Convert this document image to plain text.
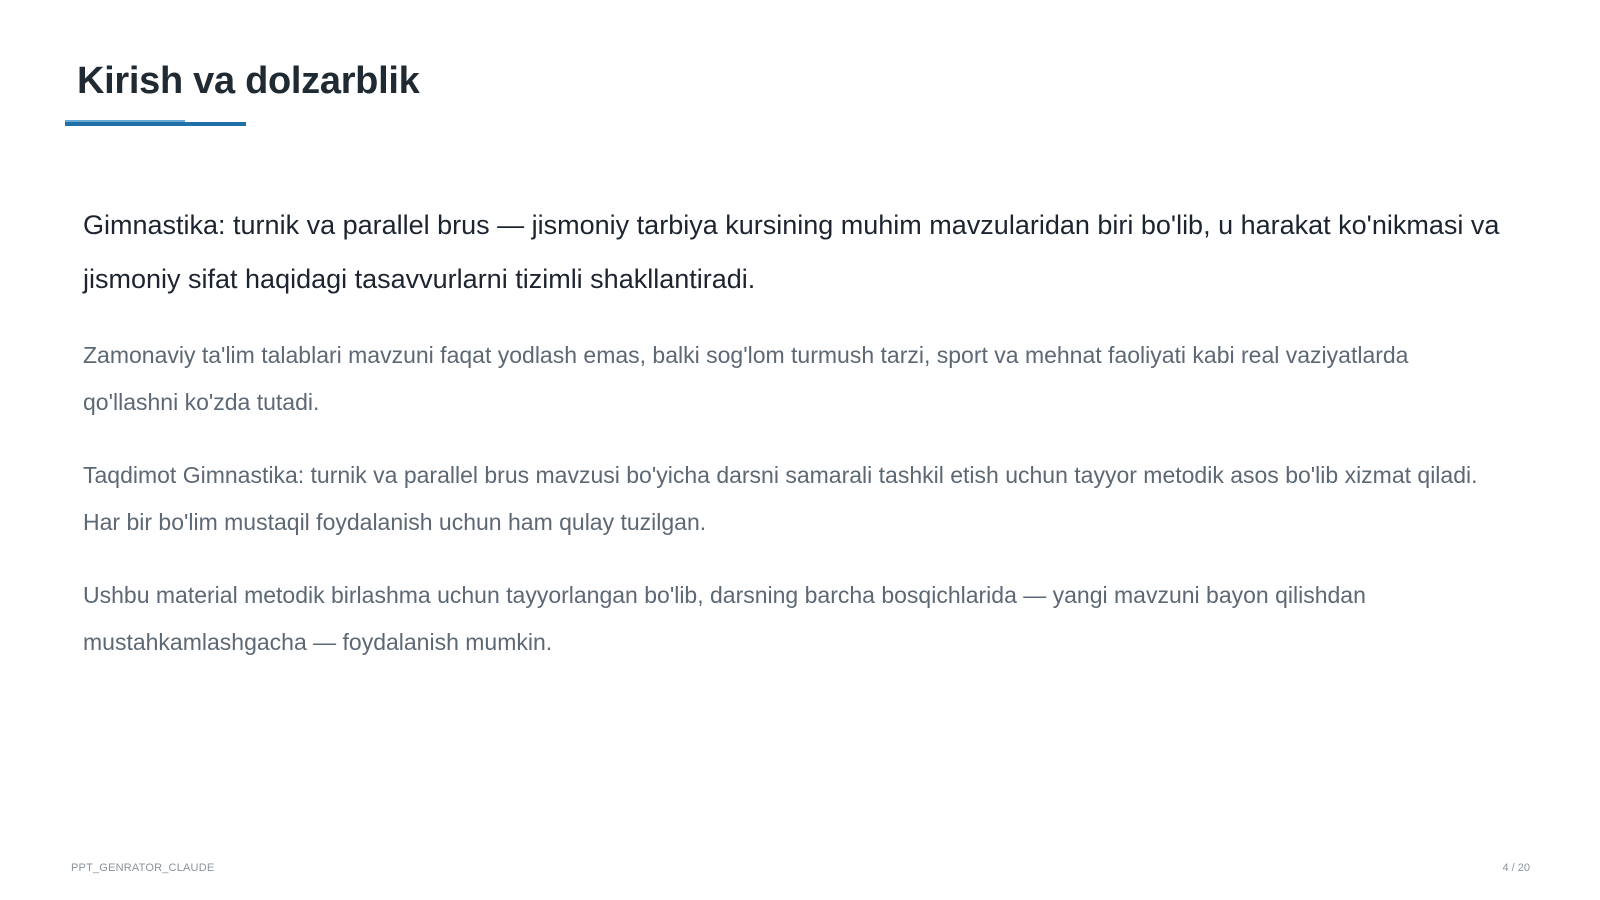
Kirish va dolzarblik

Gimnastika: turnik va parallel brus — jismoniy tarbiya kursining muhim mavzularidan biri bo'lib, u harakat ko'nikmasi va jismoniy sifat haqidagi tasavvurlarni tizimli shakllantiradi.

Zamonaviy ta'lim talablari mavzuni faqat yodlash emas, balki sog'lom turmush tarzi, sport va mehnat faoliyati kabi real vaziyatlarda qo'llashni ko'zda tutadi.

Taqdimot Gimnastika: turnik va parallel brus mavzusi bo'yicha darsni samarali tashkil etish uchun tayyor metodik asos bo'lib xizmat qiladi. Har bir bo'lim mustaqil foydalanish uchun ham qulay tuzilgan.

Ushbu material metodik birlashma uchun tayyorlangan bo'lib, darsning barcha bosqichlarida — yangi mavzuni bayon qilishdan mustahkamlashgacha — foydalanish mumkin.

PPT_GENRATOR_CLAUDE	4 / 20
